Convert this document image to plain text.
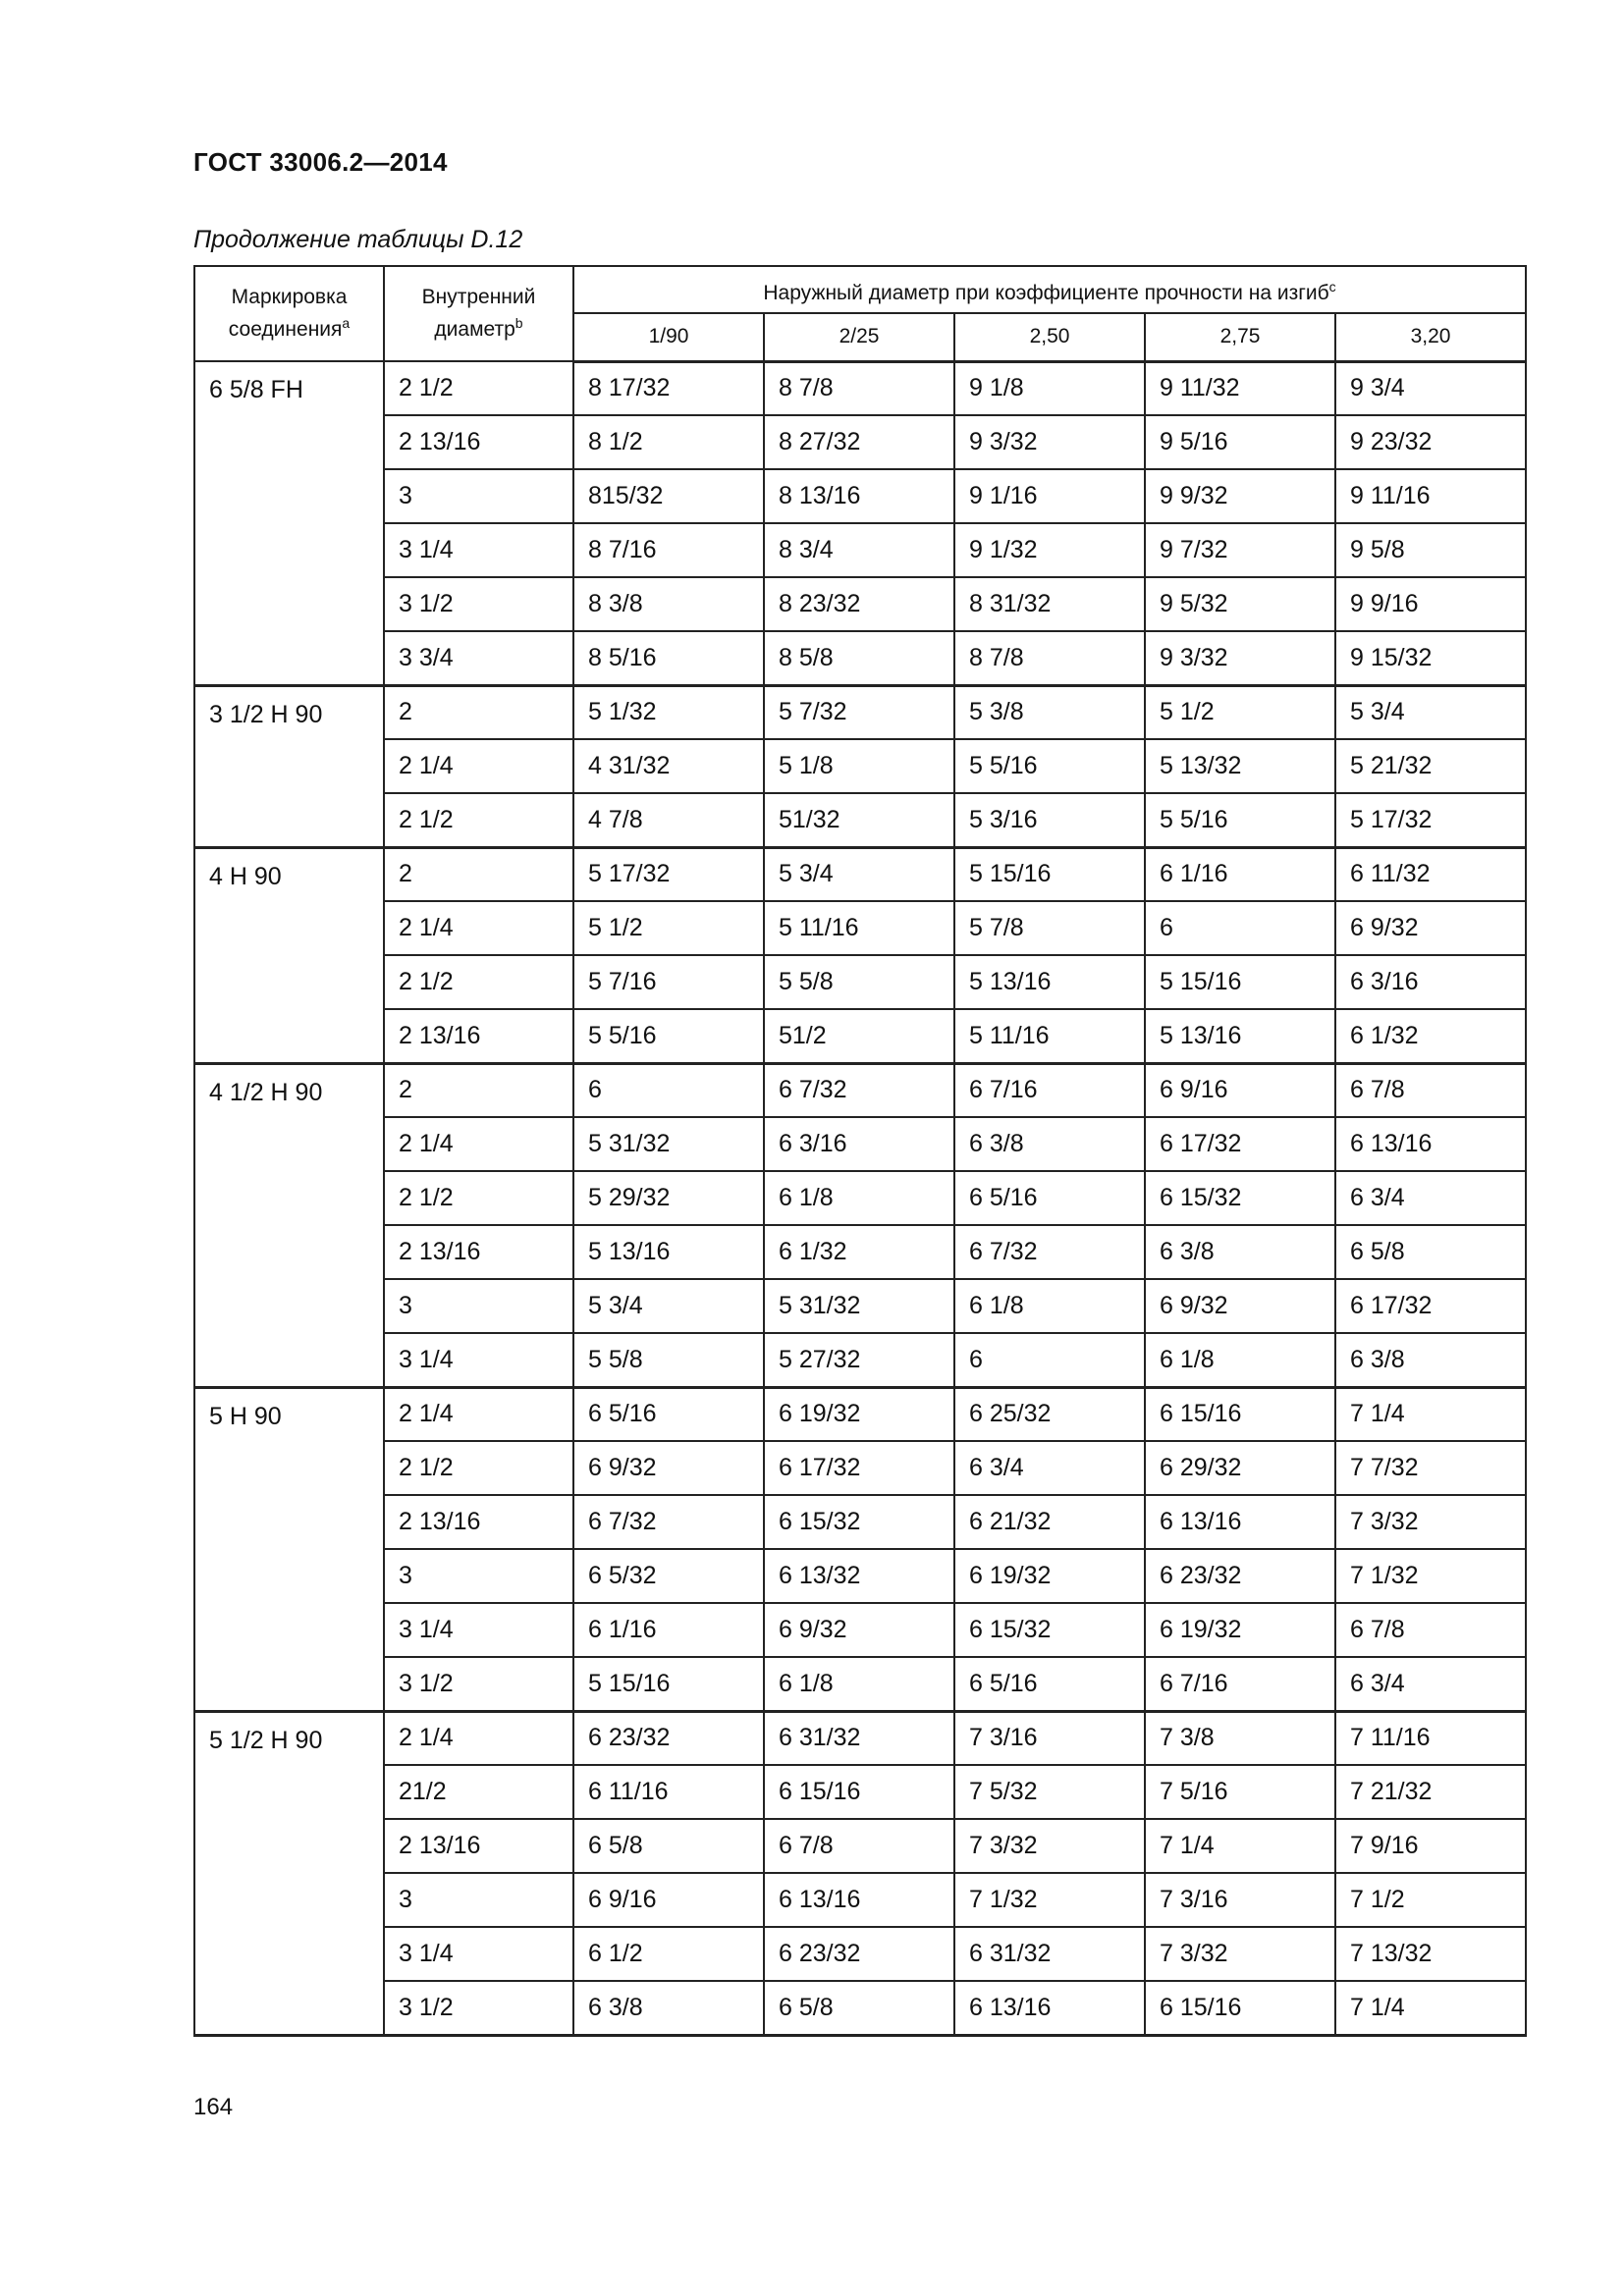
ГОСТ 33006.2—2014
Продолжение таблицы D.12
Маркировка соединения$^a$	Внутренний диаметр$^b$	Наружный диаметр при коэффициенте прочности на изгиб$^c$
		1/90	2/25	2,50	2,75	3,20
6 5/8 FH	2 1/2	8 17/32	8 7/8	9 1/8	9 11/32	9 3/4
	2 13/16	8 1/2	8 27/32	9 3/32	9 5/16	9 23/32
	3	815/32	8 13/16	9 1/16	9 9/32	9 11/16
	3 1/4	8 7/16	8 3/4	9 1/32	9 7/32	9 5/8
	3 1/2	8 3/8	8 23/32	8 31/32	9 5/32	9 9/16
	3 3/4	8 5/16	8 5/8	8 7/8	9 3/32	9 15/32
3 1/2 H 90	2	5 1/32	5 7/32	5 3/8	5 1/2	5 3/4
	2 1/4	4 31/32	5 1/8	5 5/16	5 13/32	5 21/32
	2 1/2	4 7/8	51/32	5 3/16	5 5/16	5 17/32
4 H 90	2	5 17/32	5 3/4	5 15/16	6 1/16	6 11/32
	2 1/4	5 1/2	5 11/16	5 7/8	6	6 9/32
	2 1/2	5 7/16	5 5/8	5 13/16	5 15/16	6 3/16
	2 13/16	5 5/16	51/2	5 11/16	5 13/16	6 1/32
4 1/2 H 90	2	6	6 7/32	6 7/16	6 9/16	6 7/8
	2 1/4	5 31/32	6 3/16	6 3/8	6 17/32	6 13/16
	2 1/2	5 29/32	6 1/8	6 5/16	6 15/32	6 3/4
	2 13/16	5 13/16	6 1/32	6 7/32	6 3/8	6 5/8
	3	5 3/4	5 31/32	6 1/8	6 9/32	6 17/32
	3 1/4	5 5/8	5 27/32	6	6 1/8	6 3/8
5 H 90	2 1/4	6 5/16	6 19/32	6 25/32	6 15/16	7 1/4
	2 1/2	6 9/32	6 17/32	6 3/4	6 29/32	7 7/32
	2 13/16	6 7/32	6 15/32	6 21/32	6 13/16	7 3/32
	3	6 5/32	6 13/32	6 19/32	6 23/32	7 1/32
	3 1/4	6 1/16	6 9/32	6 15/32	6 19/32	6 7/8
	3 1/2	5 15/16	6 1/8	6 5/16	6 7/16	6 3/4
5 1/2 H 90	2 1/4	6 23/32	6 31/32	7 3/16	7 3/8	7 11/16
	21/2	6 11/16	6 15/16	7 5/32	7 5/16	7 21/32
	2 13/16	6 5/8	6 7/8	7 3/32	7 1/4	7 9/16
	3	6 9/16	6 13/16	7 1/32	7 3/16	7 1/2
	3 1/4	6 1/2	6 23/32	6 31/32	7 3/32	7 13/32
	3 1/2	6 3/8	6 5/8	6 13/16	6 15/16	7 1/4
164
